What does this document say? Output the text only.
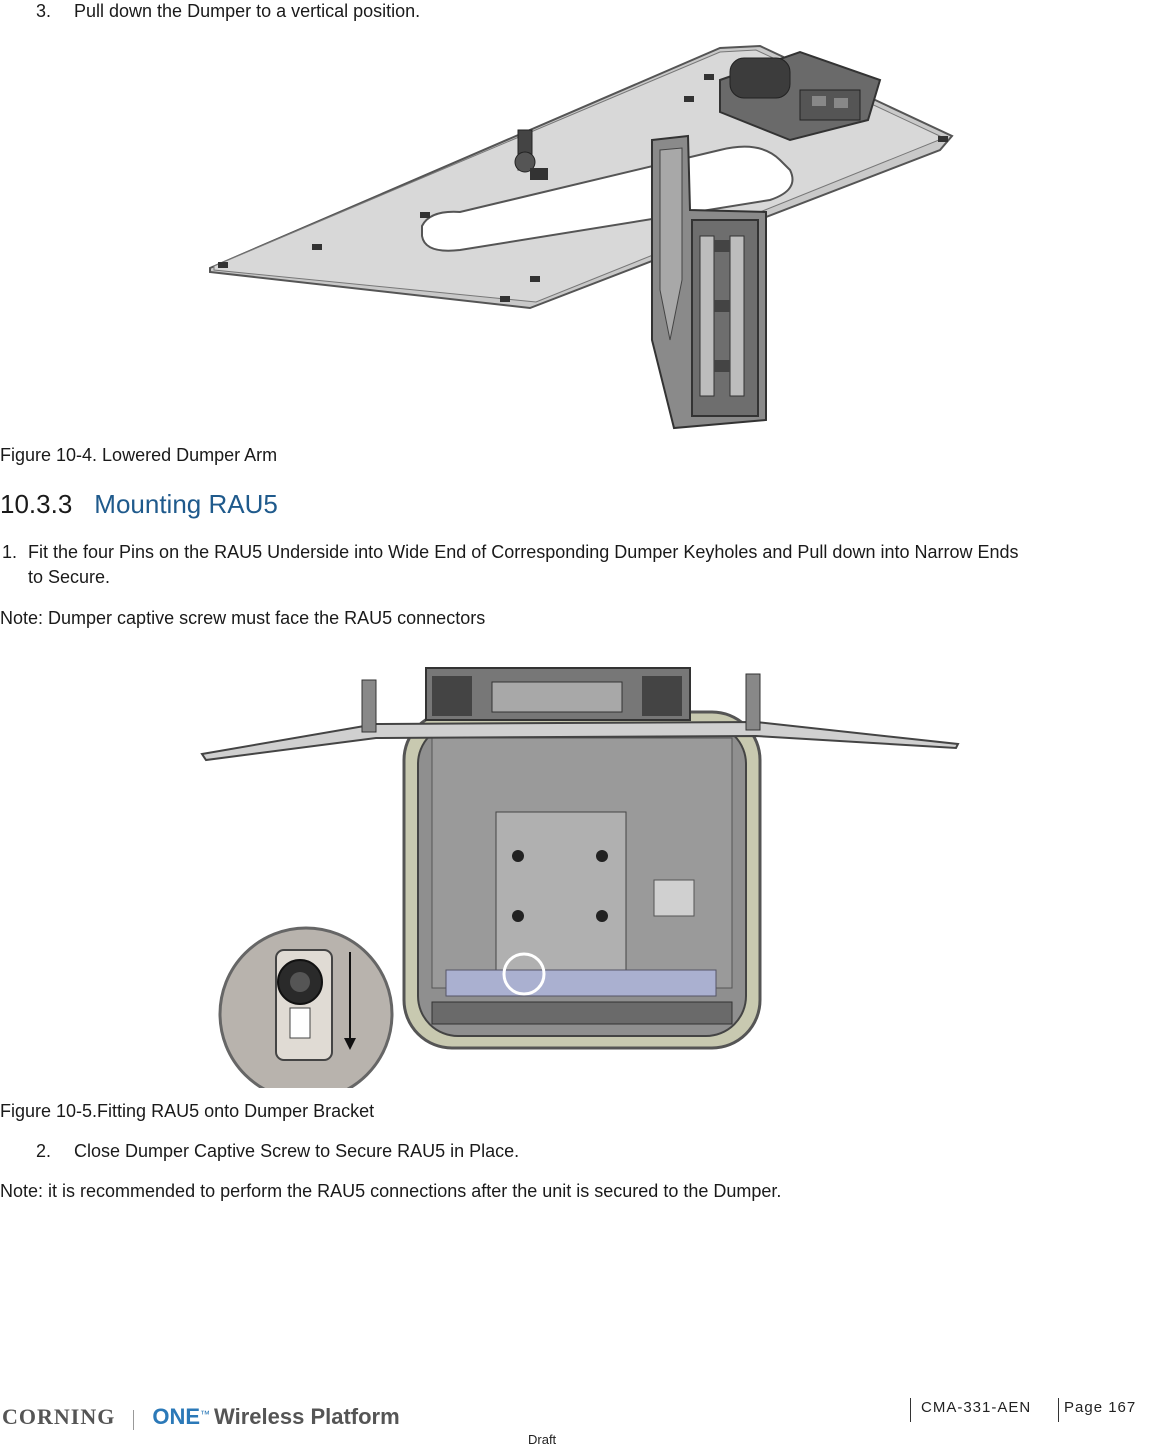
3. Pull down the Dumper to a vertical position.
Figure 10-4. Lowered Dumper Arm
10.3.3 Mounting RAU5
1. Fit the four Pins on the RAU5 Underside into Wide End of Corresponding Dumper Keyholes and Pull down into Narrow Ends
to Secure.
Note: Dumper captive screw must face the RAU5 connectors
Figure 10-5.Fitting RAU5 onto Dumper Bracket
2. Close Dumper Captive Screw to Secure RAU5 in Place.
Note: it is recommended to perform the RAU5 connections after the unit is secured to the Dumper.
CORNING ONE™ Wireless Platform	CMA-331-AEN Page 167
Draft
